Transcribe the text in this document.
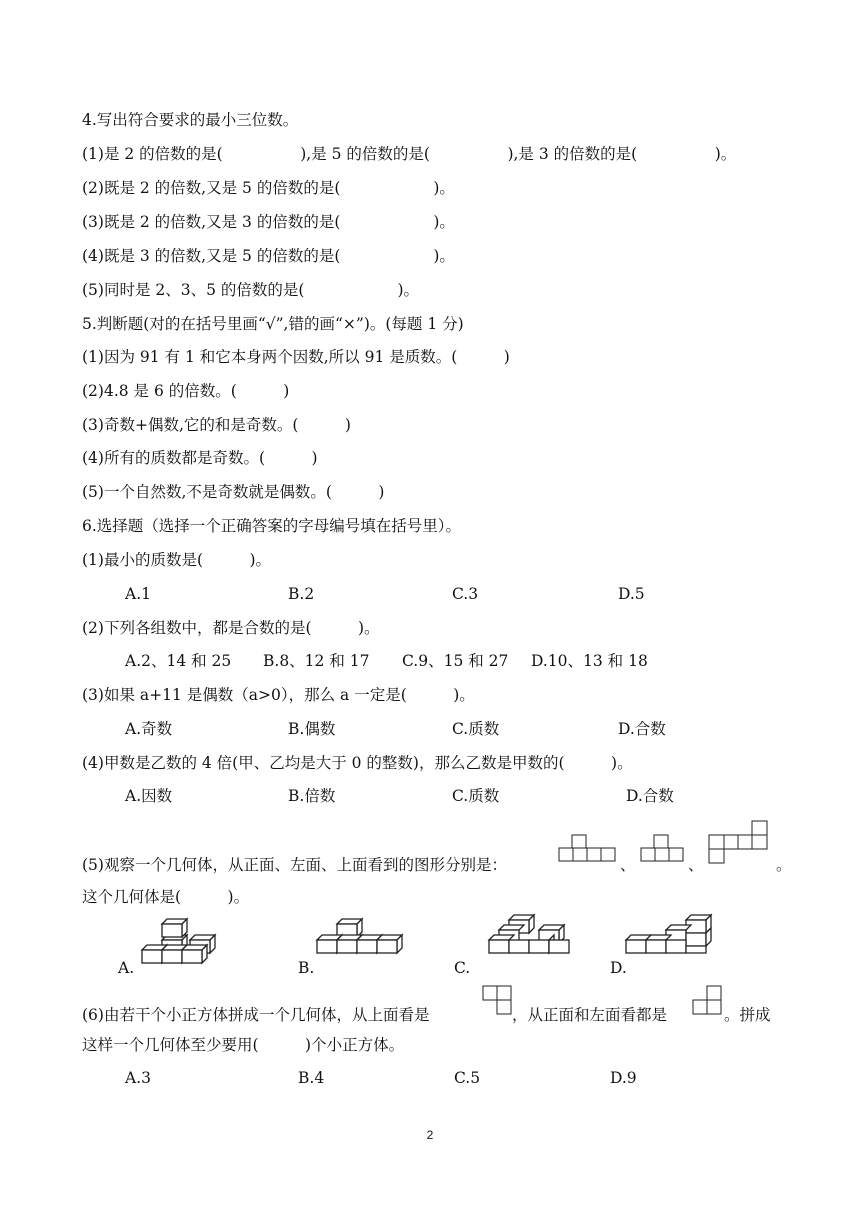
4.写出符合要求的最小三位数。
(1)是 2 的倍数的是(　　　　　),是 5 的倍数的是(　　　　　),是 3 的倍数的是(　　　　　)。
(2)既是 2 的倍数,又是 5 的倍数的是(　　　　　　)。
(3)既是 2 的倍数,又是 3 的倍数的是(　　　　　　)。
(4)既是 3 的倍数,又是 5 的倍数的是(　　　　　　)。
(5)同时是 2、3、5 的倍数的是(　　　　　　)。
5.判断题(对的在括号里画“√”,错的画“×”)。(每题 1 分)
(1)因为 91 有 1 和它本身两个因数,所以 91 是质数。(　　　)
(2)4.8 是 6 的倍数。(　　　)
(3)奇数+偶数,它的和是奇数。(　　　)
(4)所有的质数都是奇数。(　　　)
(5)一个自然数,不是奇数就是偶数。(　　　)
6.选择题（选择一个正确答案的字母编号填在括号里）。
(1)最小的质数是(　　　)。
A.1	B.2	C.3	D.5
(2)下列各组数中，都是合数的是(　　　)。
A.2、14 和 25 B.8、12 和 17 C.9、15 和 27 D.10、13 和 18
(3)如果 a+11 是偶数（a>0），那么 a 一定是(　　　)。
A.奇数	B.偶数	C.质数	D.合数
(4)甲数是乙数的 4 倍(甲、乙均是大于 0 的整数)，那么乙数是甲数的(　　　)。
A.因数	B.倍数	C.质数	D.合数
(5)观察一个几何体，从正面、左面、上面看到的图形分别是：	、	、	。
这个几何体是(　　　)。
A.	B.	C.	D.
(6)由若干个小正方体拼成一个几何体，从上面看是	，从正面和左面看都是	。拼成
这样一个几何体至少要用(　　　)个小正方体。
A.3	B.4	C.5	D.9
2
